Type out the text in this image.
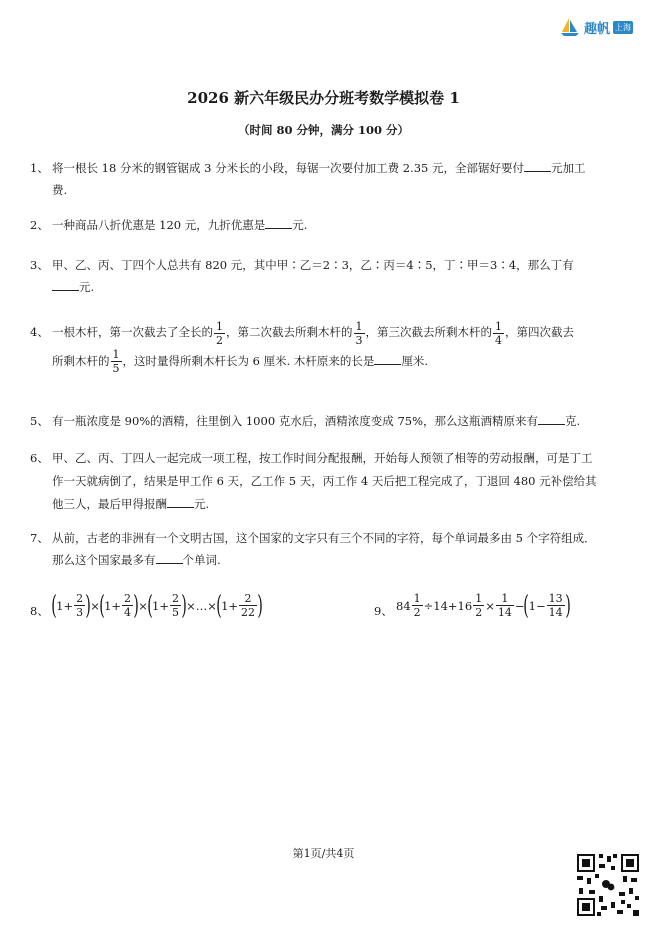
趣帆 上海
2026 新六年级民办分班考数学模拟卷 1
（时间 80 分钟，满分 100 分）
1、 将一根长 18 分米的钢管锯成 3 分米长的小段，每锯一次要付加工费 2.35 元，全部锯好要付 元加工费.
2、 一种商品八折优惠是 120 元，九折优惠是 元.
3、 甲、乙、丙、丁四个人总共有 820 元，其中甲∶乙＝2∶3，乙∶丙＝4∶5，丁∶甲＝3∶4，那么丁有元.
4、 一根木杆，第一次截去了全长的 $\frac{1}{2}$ ，第二次截去所剩木杆的 $\frac{1}{3}$ ，第三次截去所剩木杆的 $\frac{1}{4}$ ，第四次截去
所剩木杆的 $\frac{1}{5}$ ，这时量得所剩木杆长为 6 厘米. 木杆原来的长是 厘米.
5、 有一瓶浓度是 90%的酒精，往里倒入 1000 克水后，酒精浓度变成 75%，那么这瓶酒精原来有 克.
6、 甲、乙、丙、丁四人一起完成一项工程，按工作时间分配报酬，开始每人预领了相等的劳动报酬，可是丁工作一天就病倒了，结果是甲工作 6 天，乙工作 5 天，丙工作 4 天后把工程完成了，丁退回 480 元补偿给其他三人，最后甲得报酬 元.
7、 从前，古老的非洲有一个文明古国，这个国家的文字只有三个不同的字符，每个单词最多由 5 个字符组成．那么这个国家最多有 个单词.
8、 ( $1 + \frac{2}{3}$ ) × ( $1 + \frac{2}{4}$ ) × ( $1 + \frac{2}{5}$ ) × … × ( $1 + \frac{2}{22}$ )	9、 $84 \frac{1}{2} \div 14+16 \frac{1}{2} \times \frac{1}{14}$ − ( $1 - \frac{13}{14}$ )
第1页/共4页
